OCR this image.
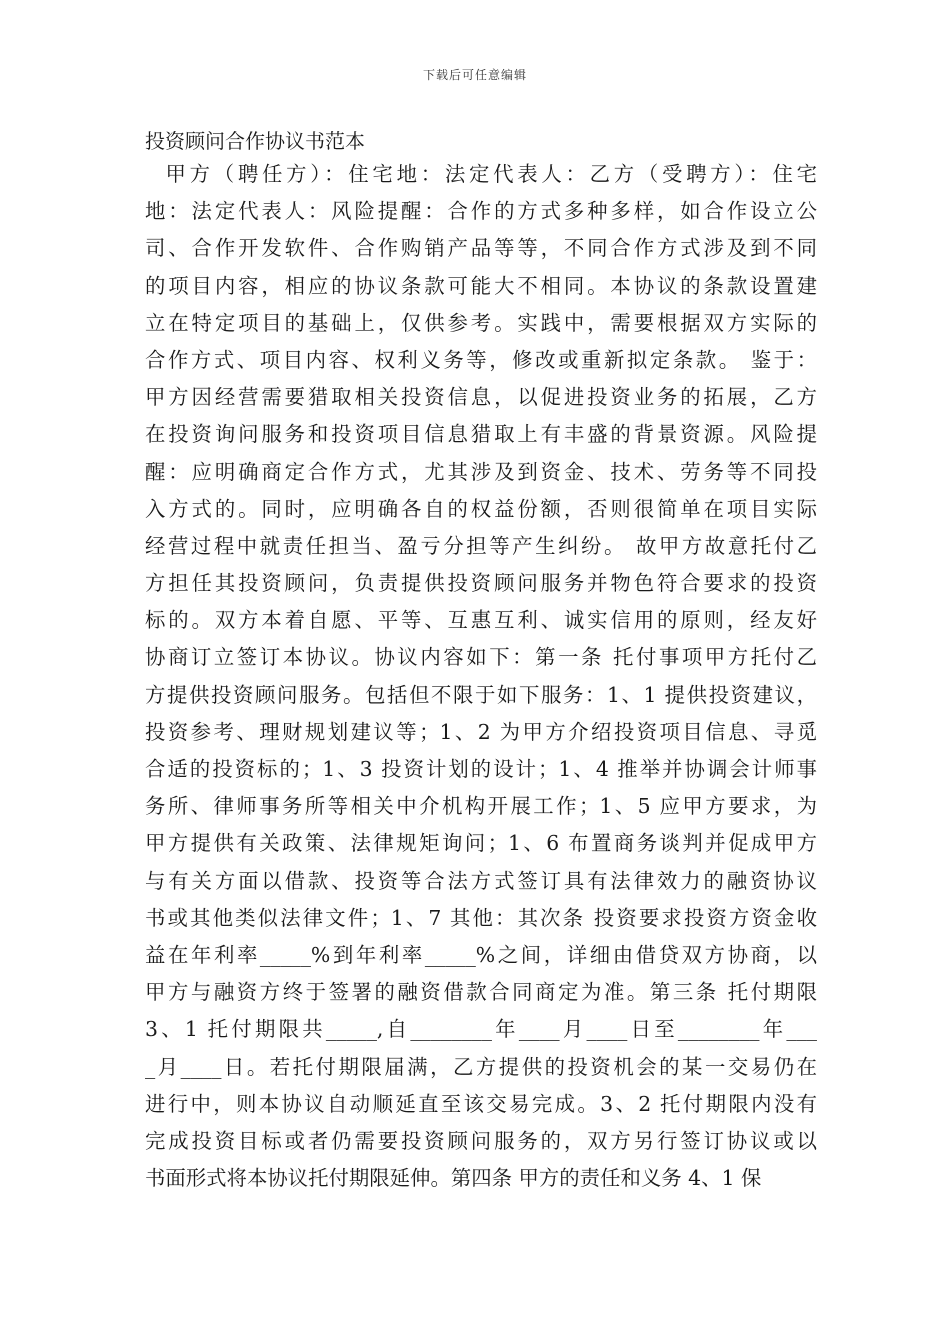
下载后可任意编辑
投资顾问合作协议书范本
甲方（聘任方）：住宅地：法定代表人：乙方（受聘方）：住宅
地：法定代表人：风险提醒：合作的方式多种多样，如合作设立公
司、合作开发软件、合作购销产品等等，不同合作方式涉及到不同
的项目内容，相应的协议条款可能大不相同。本协议的条款设置建
立在特定项目的基础上，仅供参考。实践中，需要根据双方实际的
合作方式、项目内容、权利义务等，修改或重新拟定条款。 鉴于：
甲方因经营需要猎取相关投资信息，以促进投资业务的拓展，乙方
在投资询问服务和投资项目信息猎取上有丰盛的背景资源。风险提
醒：应明确商定合作方式，尤其涉及到资金、技术、劳务等不同投
入方式的。同时，应明确各自的权益份额，否则很简单在项目实际
经营过程中就责任担当、盈亏分担等产生纠纷。 故甲方故意托付乙
方担任其投资顾问，负责提供投资顾问服务并物色符合要求的投资
标的。双方本着自愿、平等、互惠互利、诚实信用的原则，经友好
协商订立签订本协议。协议内容如下：第一条 托付事项甲方托付乙
方提供投资顾问服务。包括但不限于如下服务：1、1 提供投资建议，
投资参考、理财规划建议等；1、2 为甲方介绍投资项目信息、寻觅
合适的投资标的；1、3 投资计划的设计；1、4 推举并协调会计师事
务所、律师事务所等相关中介机构开展工作；1、5 应甲方要求，为
甲方提供有关政策、法律规矩询问；1、6 布置商务谈判并促成甲方
与有关方面以借款、投资等合法方式签订具有法律效力的融资协议
书或其他类似法律文件；1、7 其他：其次条 投资要求投资方资金收
益在年利率_____%到年利率_____%之间，详细由借贷双方协商，以
甲方与融资方终于签署的融资借款合同商定为准。第三条 托付期限
3、1 托付期限共_____,自________年____月____日至________年___
_月____日。若托付期限届满，乙方提供的投资机会的某一交易仍在
进行中，则本协议自动顺延直至该交易完成。3、2 托付期限内没有
完成投资目标或者仍需要投资顾问服务的，双方另行签订协议或以
书面形式将本协议托付期限延伸。第四条 甲方的责任和义务 4、1 保
